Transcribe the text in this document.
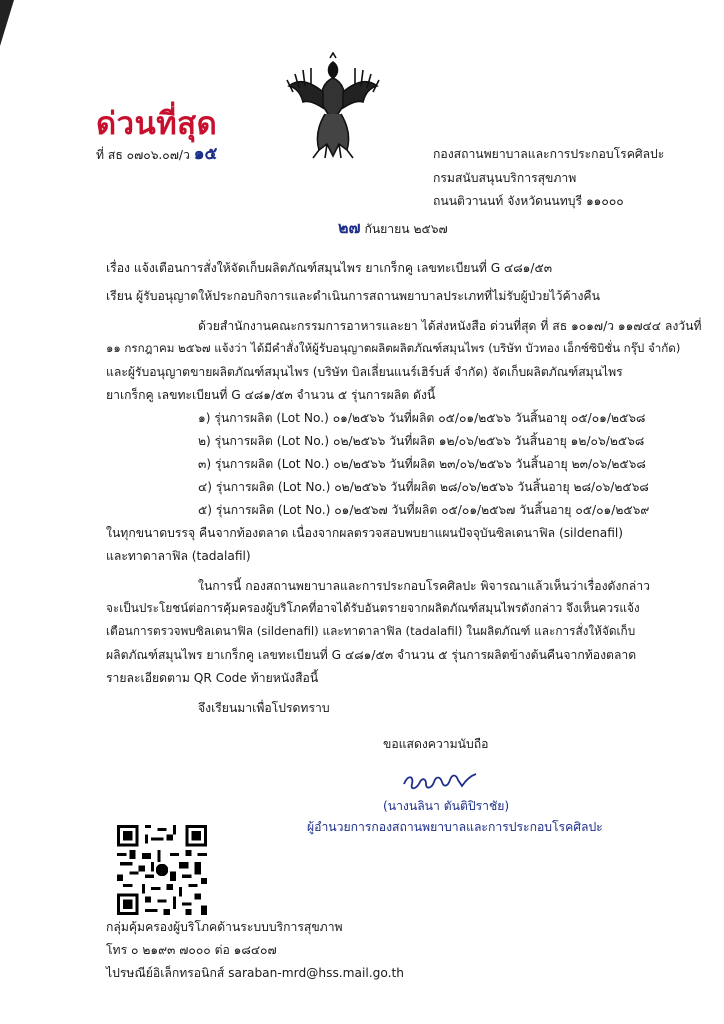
ด่วนที่สุด
ที่ สธ ๐๗๐๖.๐๗/ว ๑๕	กองสถานพยาบาลและการประกอบโรคศิลปะ
กรมสนับสนุนบริการสุขภาพ
ถนนติวานนท์ จังหวัดนนทบุรี ๑๑๐๐๐
๒๗ กันยายน ๒๕๖๗
เรื่อง แจ้งเตือนการสั่งให้จัดเก็บผลิตภัณฑ์สมุนไพร ยาเกร็กคู เลขทะเบียนที่ G ๔๘๑/๕๓
เรียน ผู้รับอนุญาตให้ประกอบกิจการและดำเนินการสถานพยาบาลประเภทที่ไม่รับผู้ป่วยไว้ค้างคืน
ด้วยสำนักงานคณะกรรมการอาหารและยา ได้ส่งหนังสือ ด่วนที่สุด ที่ สธ ๑๐๑๗/ว ๑๑๗๔๔ ลงวันที่
๑๑ กรกฎาคม ๒๕๖๗ แจ้งว่า ได้มีคำสั่งให้ผู้รับอนุญาตผลิตผลิตภัณฑ์สมุนไพร (บริษัท บัวทอง เอ็กซ์ซิบิชั่น กรุ๊ป จำกัด)
และผู้รับอนุญาตขายผลิตภัณฑ์สมุนไพร (บริษัท บิลเลี่ยนแนร์เฮิร์บส์ จำกัด) จัดเก็บผลิตภัณฑ์สมุนไพร
ยาเกร็กคู เลขทะเบียนที่ G ๔๘๑/๕๓ จำนวน ๕ รุ่นการผลิต ดังนี้
๑) รุ่นการผลิต (Lot No.) ๐๑/๒๕๖๖ วันที่ผลิต ๐๕/๐๑/๒๕๖๖ วันสิ้นอายุ ๐๕/๐๑/๒๕๖๘
๒) รุ่นการผลิต (Lot No.) ๐๒/๒๕๖๖ วันที่ผลิต ๑๒/๐๖/๒๕๖๖ วันสิ้นอายุ ๑๒/๐๖/๒๕๖๘
๓) รุ่นการผลิต (Lot No.) ๐๒/๒๕๖๖ วันที่ผลิต ๒๓/๐๖/๒๕๖๖ วันสิ้นอายุ ๒๓/๐๖/๒๕๖๘
๔) รุ่นการผลิต (Lot No.) ๐๒/๒๕๖๖ วันที่ผลิต ๒๘/๐๖/๒๕๖๖ วันสิ้นอายุ ๒๘/๐๖/๒๕๖๘
๕) รุ่นการผลิต (Lot No.) ๐๑/๒๕๖๗ วันที่ผลิต ๐๕/๐๑/๒๕๖๗ วันสิ้นอายุ ๐๕/๐๑/๒๕๖๙
ในทุกขนาดบรรจุ คืนจากท้องตลาด เนื่องจากผลตรวจสอบพบยาแผนปัจจุบันซิลเดนาฟิล (sildenafil)
และทาดาลาฟิล (tadalafil)
ในการนี้ กองสถานพยาบาลและการประกอบโรคศิลปะ พิจารณาแล้วเห็นว่าเรื่องดังกล่าว
จะเป็นประโยชน์ต่อการคุ้มครองผู้บริโภคที่อาจได้รับอันตรายจากผลิตภัณฑ์สมุนไพรดังกล่าว จึงเห็นควรแจ้ง
เตือนการตรวจพบซิลเดนาฟิล (sildenafil) และทาดาลาฟิล (tadalafil) ในผลิตภัณฑ์ และการสั่งให้จัดเก็บ
ผลิตภัณฑ์สมุนไพร ยาเกร็กคู เลขทะเบียนที่ G ๔๘๑/๕๓ จำนวน ๕ รุ่นการผลิตข้างต้นคืนจากท้องตลาด
รายละเอียดตาม QR Code ท้ายหนังสือนี้
จึงเรียนมาเพื่อโปรดทราบ
ขอแสดงความนับถือ
(นางนลินา ตันติปิราชัย)
ผู้อำนวยการกองสถานพยาบาลและการประกอบโรคศิลปะ
กลุ่มคุ้มครองผู้บริโภคด้านระบบบริการสุขภาพ
โทร ๐ ๒๑๙๓ ๗๐๐๐ ต่อ ๑๘๔๐๗
ไปรษณีย์อิเล็กทรอนิกส์ saraban-mrd@hss.mail.go.th
